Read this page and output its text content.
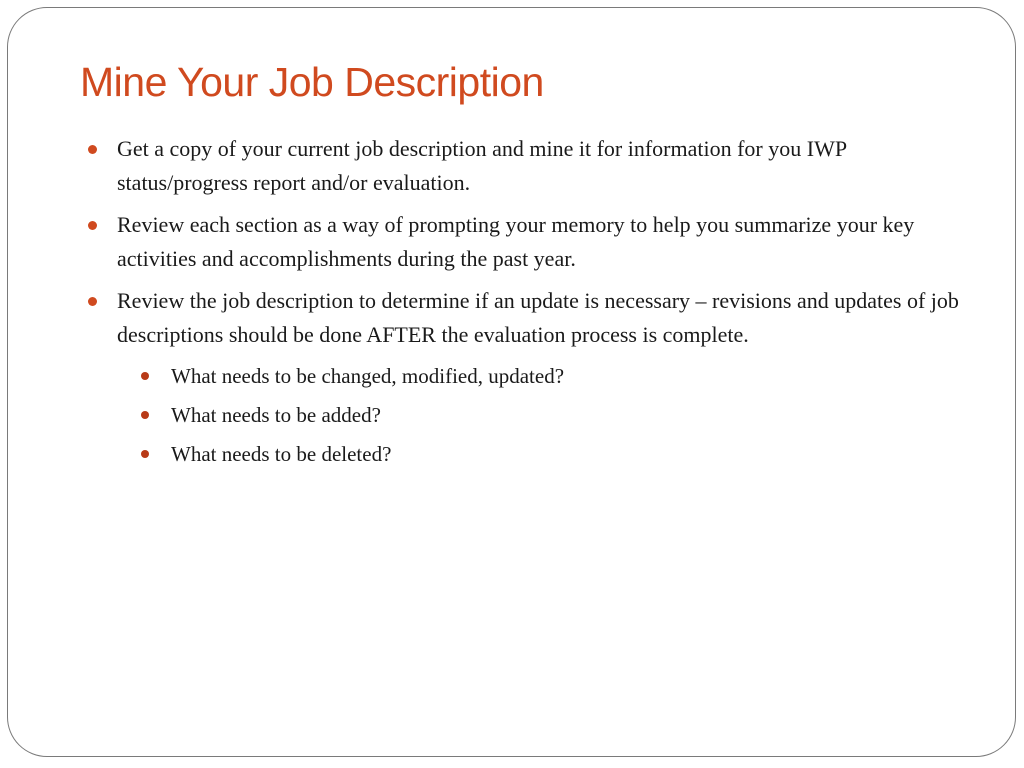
Mine Your Job Description
Get a copy of your current job description and mine it for information for you IWP status/progress report and/or evaluation.
Review each section as a way of prompting your memory to help you summarize your key activities and accomplishments during the past year.
Review the job description to determine if an update is necessary – revisions and updates of job descriptions should be done AFTER the evaluation process is complete.
What needs to be changed, modified, updated?
What needs to be added?
What needs to be deleted?
